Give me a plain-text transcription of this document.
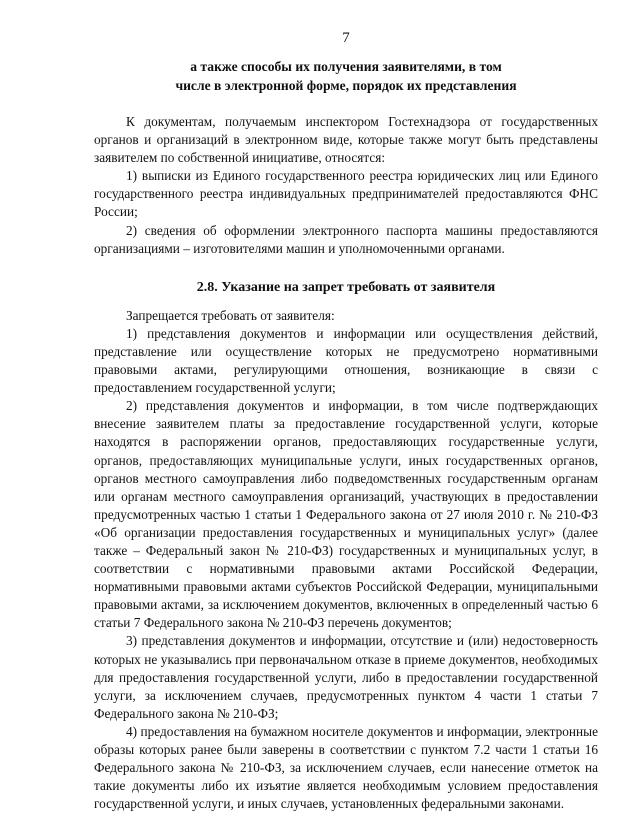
7
а также способы их получения заявителями, в том
числе в электронной форме, порядок их представления

К документам, получаемым инспектором Гостехнадзора от государственных органов и организаций в электронном виде, которые также могут быть представлены заявителем по собственной инициативе, относятся:

1) выписки из Единого государственного реестра юридических лиц или Единого государственного реестра индивидуальных предпринимателей предоставляются ФНС России;

2) сведения об оформлении электронного паспорта машины предоставляются организациями – изготовителями машин и уполномоченными органами.

2.8. Указание на запрет требовать от заявителя

Запрещается требовать от заявителя:

1) представления документов и информации или осуществления действий, представление или осуществление которых не предусмотрено нормативными правовыми актами, регулирующими отношения, возникающие в связи с предоставлением государственной услуги;

2) представления документов и информации, в том числе подтверждающих внесение заявителем платы за предоставление государственной услуги, которые находятся в распоряжении органов, предоставляющих государственные услуги, органов, предоставляющих муниципальные услуги, иных государственных органов, органов местного самоуправления либо подведомственных государственным органам или органам местного самоуправления организаций, участвующих в предоставлении предусмотренных частью 1 статьи 1 Федерального закона от 27 июля 2010 г. № 210-ФЗ «Об организации предоставления государственных и муниципальных услуг» (далее также – Федеральный закон № 210-ФЗ) государственных и муниципальных услуг, в соответствии с нормативными правовыми актами Российской Федерации, нормативными правовыми актами субъектов Российской Федерации, муниципальными правовыми актами, за исключением документов, включенных в определенный частью 6 статьи 7 Федерального закона № 210-ФЗ перечень документов;

3) представления документов и информации, отсутствие и (или) недостоверность которых не указывались при первоначальном отказе в приеме документов, необходимых для предоставления государственной услуги, либо в предоставлении государственной услуги, за исключением случаев, предусмотренных пунктом 4 части 1 статьи 7 Федерального закона № 210-ФЗ;

4) предоставления на бумажном носителе документов и информации, электронные образы которых ранее были заверены в соответствии с пунктом 7.2 части 1 статьи 16 Федерального закона № 210-ФЗ, за исключением случаев, если нанесение отметок на такие документы либо их изъятие является необходимым условием предоставления государственной услуги, и иных случаев, установленных федеральными законами.
